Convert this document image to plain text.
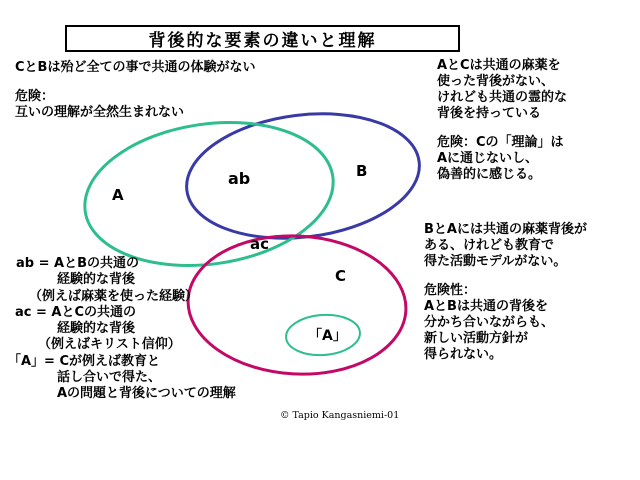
背後的な要素の違いと理解
CとBは殆ど全ての事で共通の体験がない
危険：
互いの理解が全然生まれない
AとCは共通の麻薬を
使った背後がない、
けれども共通の霊的な
背後を持っている
危険：Cの「理論」は
Aに通じないし、
偽善的に感じる。
BとAには共通の麻薬背後が
ある、けれども教育で
得た活動モデルがない。
危険性：
AとBは共通の背後を
分かち合いながらも、
新しい活動方針が
得られない。
ab = AとBの共通の
経験的な背後
（例えば麻薬を使った経験）
ac = AとCの共通の
経験的な背後
（例えばキリスト信仰）
「A」= Cが例えば教育と
話し合いで得た、
Aの問題と背後についての理解
A
ab	B
ac
C
「A」
© Tapio Kangasniemi-01
